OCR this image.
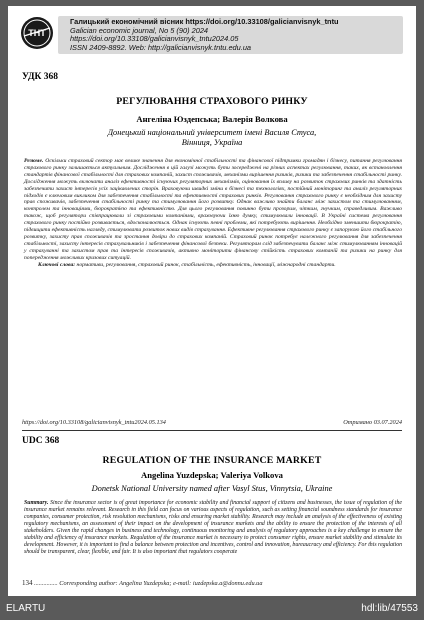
ТНТ
Галицький економічний вісник https://doi.org/10.33108/galicianvisnyk_tntu
Galician economic journal, No 5 (90) 2024
https://doi.org/10.33108/galicianvisnyk_tntu2024.05
ISSN 2409-8892. Web: http://galicianvisnyk.tntu.edu.ua
УДК 368
РЕГУЛЮВАННЯ СТРАХОВОГО РИНКУ
Ангеліна Юздепська; Валерія Волкова
Донецький національний університет імені Василя Стуса,
Вінниця, Україна
Резюме. Оскільки страховий сектор має велике значення для економічної стабільності та фінансової підтримки громадян і бізнесу, питання регулювання страхового ринку залишається актуальним. Дослідження в цій галузі можуть бути зосереджені на різних аспектах регулювання, таких, як встановлення стандартів фінансової стабільності для страхових компаній, захист споживачів, механізми вирішення ризиків, ризики та забезпечення стабільності ринку. Дослідження можуть включати аналіз ефективності існуючих регуляторних механізмів, оцінювання їх впливу на розвиток страхових ринків та здатність забезпечити захист інтересів усіх зацікавлених сторін. Враховуючи швидкі зміни в бізнесі та технологіях, постійний моніторинг та аналіз регуляторних підходів є ключовим викликом для забезпечення стабільності та ефективності страхових ринків. Регулювання страхового ринку є необхідним для захисту прав споживачів, забезпечення стабільності ринку та стимулювання його розвитку. Однак важливо знайти баланс між захистом та стимулюванням, контролем та інноваціями, бюрократією та ефективністю. Для цього регулювання повинно бути прозорим, чітким, гнучким, справедливим. Важливо також, щоб регулятори співпрацювали зі страховими компаніями, враховуючи їхню думку, стимулювали інновації. В Україні система регулювання страхового ринку постійно розвивається, вдосконалюється. Однак існують певні проблеми, які потребують вирішення. Необхідно зменшити бюрократію, підвищити ефективність нагляду, стимулювати розвиток нових видів страхування. Ефективне регулювання страхового ринку є запорукою його стабільного розвитку, захисту прав споживачів та зростання довіри до страхових компаній. Страховий ринок потребує належного регулювання для забезпечення стабільності, захисту інтересів страхувальників і забезпечення фінансової безпеки. Регуляторам слід забезпечувати баланс між стимулюванням інновацій у страхуванні та захистом прав та інтересів споживачів, активно моніторити фінансову стійкість страхових компаній та ризики на ринку для попередження можливих кризових ситуацій.
Ключові слова: нормативи, регулювання, страховий ринок, стабільність, ефективність, інновації, міжнародні стандарти.
https://doi.org/10.33108/galicianvisnyk_tntu2024.05.134	Отримано 03.07.2024
UDC 368
REGULATION OF THE INSURANCE MARKET
Angelina Yuzdepska; Valeriya Volkova
Donetsk National University named after Vasyl Stus, Vinnytsia, Ukraine
Summary. Since the insurance sector is of great importance for economic stability and financial support of citizens and businesses, the issue of regulation of the insurance market remains relevant. Research in this field can focus on various aspects of regulation, such as setting financial soundness standards for insurance companies, consumer protection, risk resolution mechanisms, risks and ensuring market stability. Research may include an analysis of the effectiveness of existing regulatory mechanisms, an assessment of their impact on the development of insurance markets and the ability to ensure the protection of the interests of all stakeholders. Given the rapid changes in business and technology, continuous monitoring and analysis of regulatory approaches is a key challenge to ensure the stability and efficiency of insurance markets. Regulation of the insurance market is necessary to protect consumer rights, ensure market stability and stimulate its development. However, it is important to find a balance between protection and incentives, control and innovation, bureaucracy and efficiency. For this regulation should be transparent, clear, flexible, and fair. It is also important that regulators cooperate
134 ............... Corresponding author: Angelina Yuzdepska; e-mail: iuzdepska.a@donnu.edu.ua
ELARTU	hdl:lib/47553
